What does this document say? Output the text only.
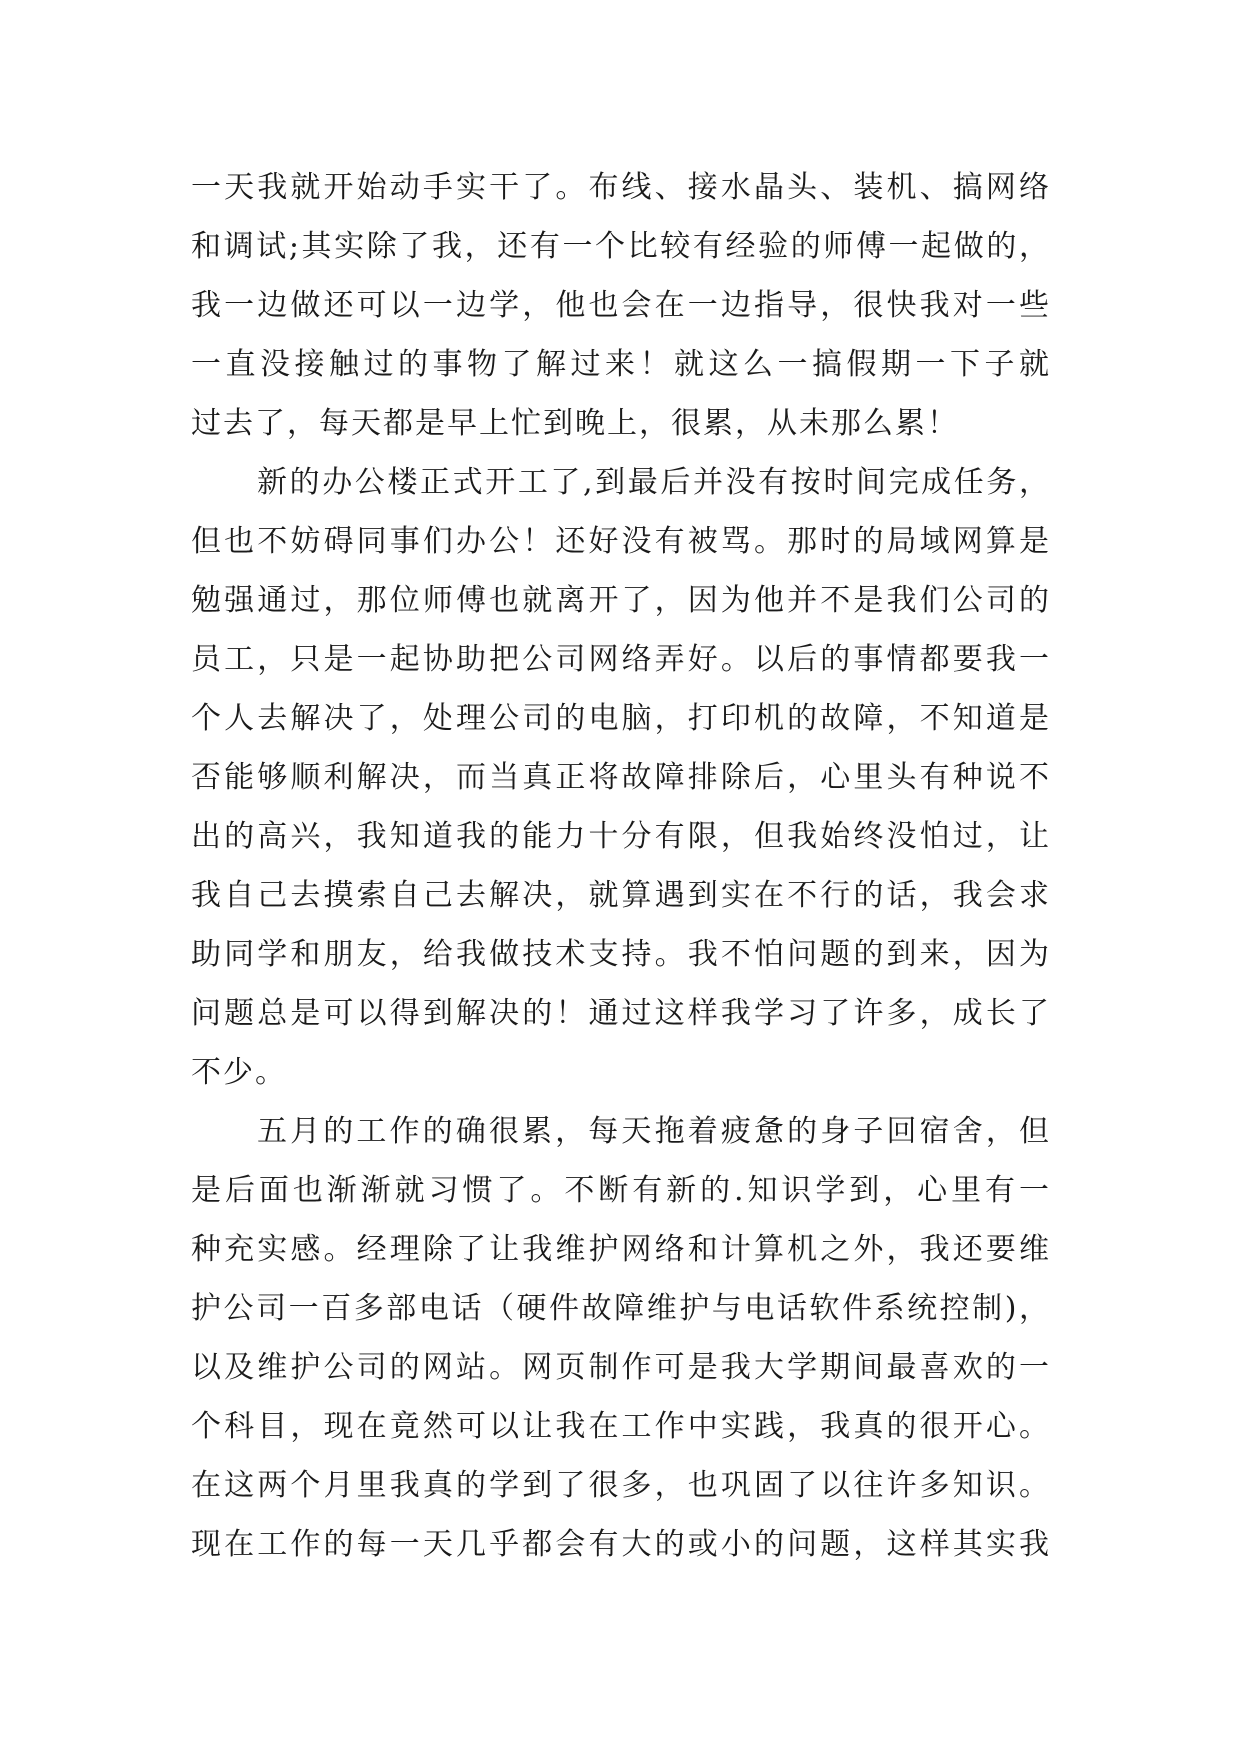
一天我就开始动手实干了。布线、接水晶头、装机、搞网络
和调试;其实除了我，还有一个比较有经验的师傅一起做的，
我一边做还可以一边学，他也会在一边指导，很快我对一些
一直没接触过的事物了解过来！就这么一搞假期一下子就
过去了，每天都是早上忙到晚上，很累，从未那么累！
新的办公楼正式开工了,到最后并没有按时间完成任务，
但也不妨碍同事们办公！还好没有被骂。那时的局域网算是
勉强通过，那位师傅也就离开了，因为他并不是我们公司的
员工，只是一起协助把公司网络弄好。以后的事情都要我一
个人去解决了，处理公司的电脑，打印机的故障，不知道是
否能够顺利解决，而当真正将故障排除后，心里头有种说不
出的高兴，我知道我的能力十分有限，但我始终没怕过，让
我自己去摸索自己去解决，就算遇到实在不行的话，我会求
助同学和朋友，给我做技术支持。我不怕问题的到来，因为
问题总是可以得到解决的！通过这样我学习了许多，成长了
不少。
五月的工作的确很累，每天拖着疲惫的身子回宿舍，但
是后面也渐渐就习惯了。不断有新的.知识学到，心里有一
种充实感。经理除了让我维护网络和计算机之外，我还要维
护公司一百多部电话（硬件故障维护与电话软件系统控制)，
以及维护公司的网站。网页制作可是我大学期间最喜欢的一
个科目，现在竟然可以让我在工作中实践，我真的很开心。
在这两个月里我真的学到了很多，也巩固了以往许多知识。
现在工作的每一天几乎都会有大的或小的问题，这样其实我
